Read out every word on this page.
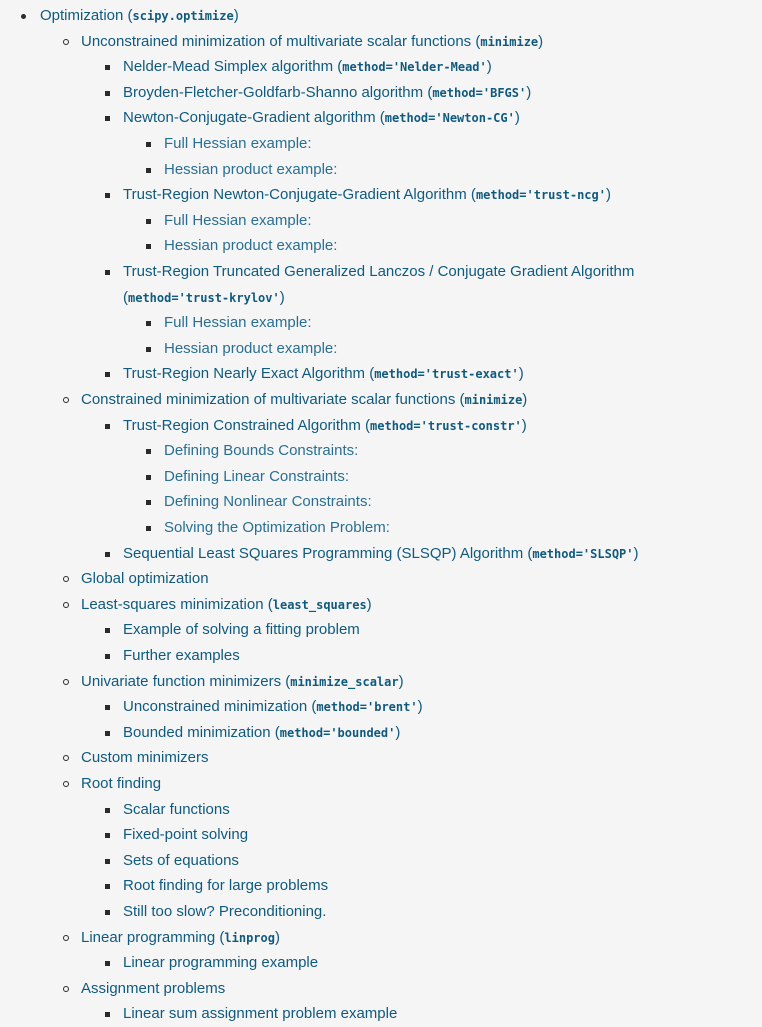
Optimization (scipy.optimize)
Unconstrained minimization of multivariate scalar functions (minimize)
Nelder-Mead Simplex algorithm (method='Nelder-Mead')
Broyden-Fletcher-Goldfarb-Shanno algorithm (method='BFGS')
Newton-Conjugate-Gradient algorithm (method='Newton-CG')
Full Hessian example:
Hessian product example:
Trust-Region Newton-Conjugate-Gradient Algorithm (method='trust-ncg')
Full Hessian example:
Hessian product example:
Trust-Region Truncated Generalized Lanczos / Conjugate Gradient Algorithm
(method='trust-krylov')
Full Hessian example:
Hessian product example:
Trust-Region Nearly Exact Algorithm (method='trust-exact')
Constrained minimization of multivariate scalar functions (minimize)
Trust-Region Constrained Algorithm (method='trust-constr')
Defining Bounds Constraints:
Defining Linear Constraints:
Defining Nonlinear Constraints:
Solving the Optimization Problem:
Sequential Least SQuares Programming (SLSQP) Algorithm (method='SLSQP')
Global optimization
Least-squares minimization (least_squares)
Example of solving a fitting problem
Further examples
Univariate function minimizers (minimize_scalar)
Unconstrained minimization (method='brent')
Bounded minimization (method='bounded')
Custom minimizers
Root finding
Scalar functions
Fixed-point solving
Sets of equations
Root finding for large problems
Still too slow? Preconditioning.
Linear programming (linprog)
Linear programming example
Assignment problems
Linear sum assignment problem example
